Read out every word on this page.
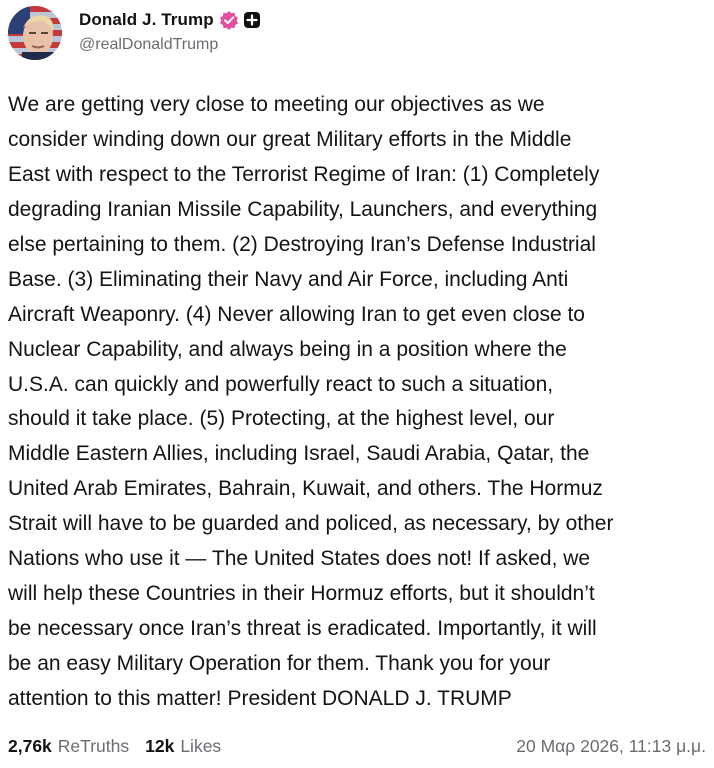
Donald J. Trump
@realDonaldTrump
We are getting very close to meeting our objectives as we
consider winding down our great Military efforts in the Middle
East with respect to the Terrorist Regime of Iran: (1) Completely
degrading Iranian Missile Capability, Launchers, and everything
else pertaining to them. (2) Destroying Iran’s Defense Industrial
Base. (3) Eliminating their Navy and Air Force, including Anti
Aircraft Weaponry. (4) Never allowing Iran to get even close to
Nuclear Capability, and always being in a position where the
U.S.A. can quickly and powerfully react to such a situation,
should it take place. (5) Protecting, at the highest level, our
Middle Eastern Allies, including Israel, Saudi Arabia, Qatar, the
United Arab Emirates, Bahrain, Kuwait, and others. The Hormuz
Strait will have to be guarded and policed, as necessary, by other
Nations who use it — The United States does not! If asked, we
will help these Countries in their Hormuz efforts, but it shouldn’t
be necessary once Iran’s threat is eradicated. Importantly, it will
be an easy Military Operation for them. Thank you for your
attention to this matter! President DONALD J. TRUMP
2,76k ReTruths 12k Likes	20 Μαρ 2026, 11:13 μ.μ.
